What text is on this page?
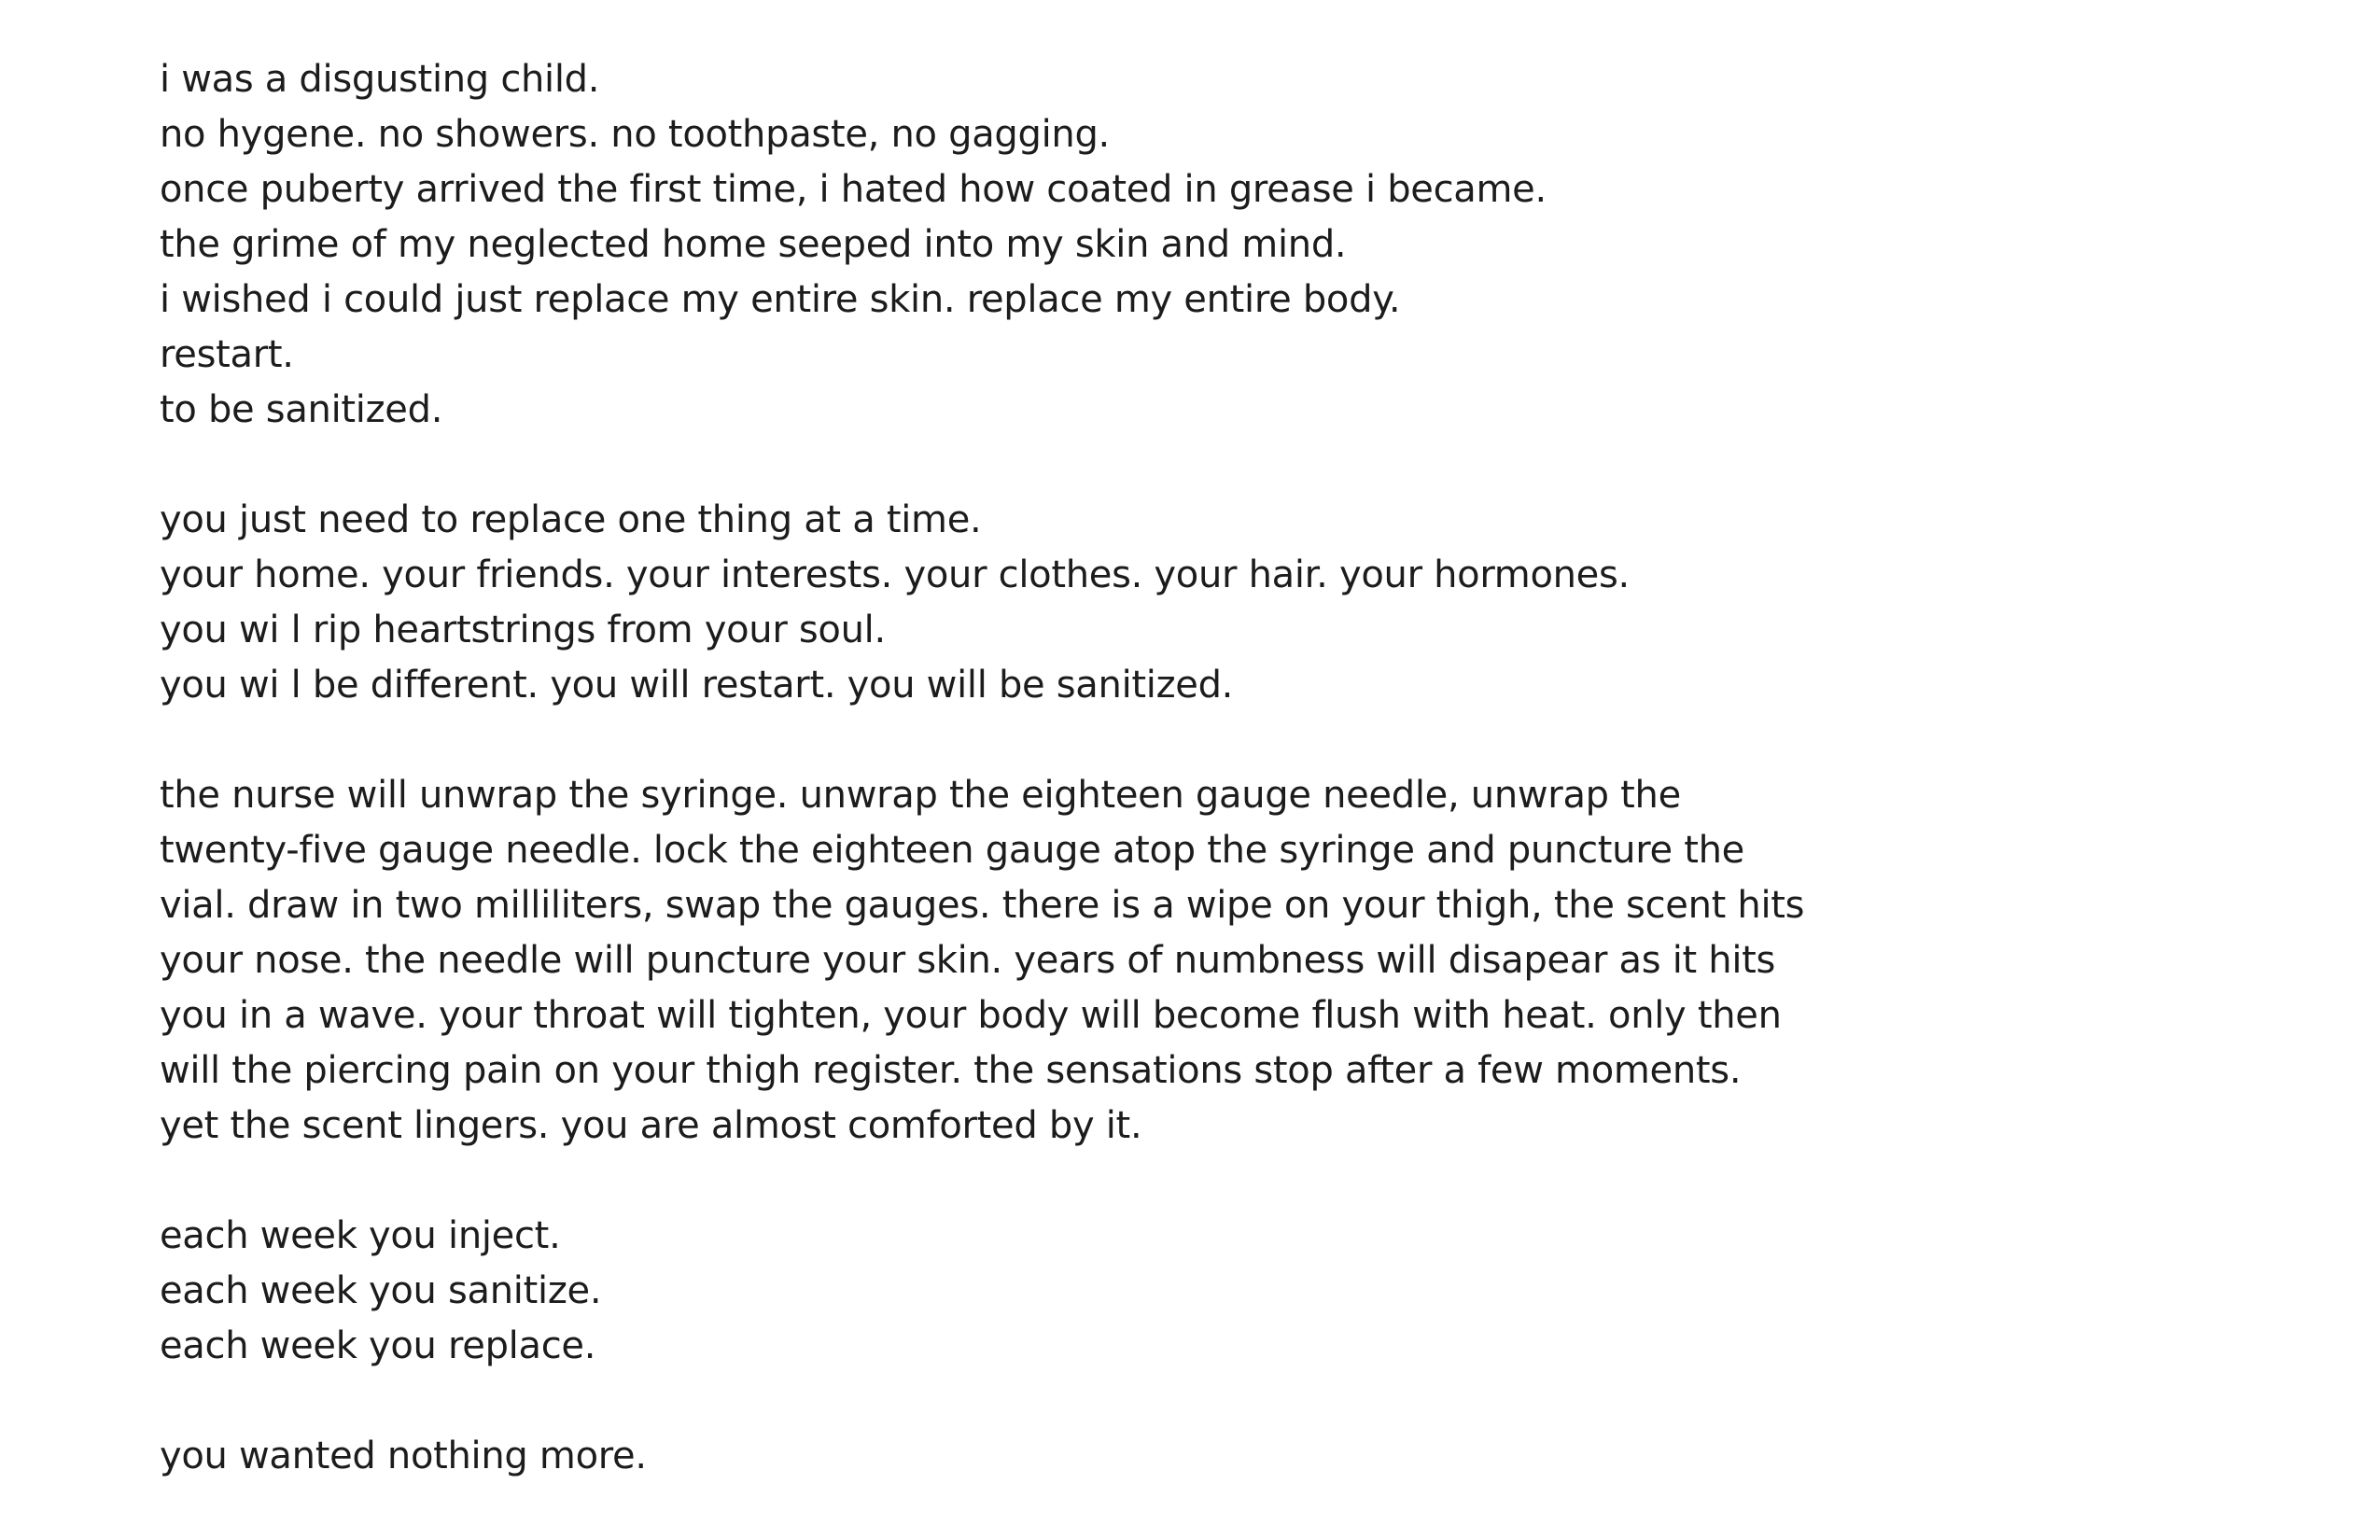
i was a disgusting child.
no hygene. no showers. no toothpaste, no gagging.
once puberty arrived the first time, i hated how coated in grease i became.
the grime of my neglected home seeped into my skin and mind.
i wished i could just replace my entire skin. replace my entire body.
restart.
to be sanitized.
you just need to replace one thing at a time.
your home. your friends. your interests. your clothes. your hair. your hormones.
you wi l rip heartstrings from your soul.
you wi l be different. you will restart. you will be sanitized.
the nurse will unwrap the syringe. unwrap the eighteen gauge needle, unwrap the
twenty-five gauge needle. lock the eighteen gauge atop the syringe and puncture the
vial. draw in two milliliters, swap the gauges. there is a wipe on your thigh, the scent hits
your nose. the needle will puncture your skin. years of numbness will disapear as it hits
you in a wave. your throat will tighten, your body will become flush with heat. only then
will the piercing pain on your thigh register. the sensations stop after a few moments.
yet the scent lingers. you are almost comforted by it.
each week you inject.
each week you sanitize.
each week you replace.
you wanted nothing more.
